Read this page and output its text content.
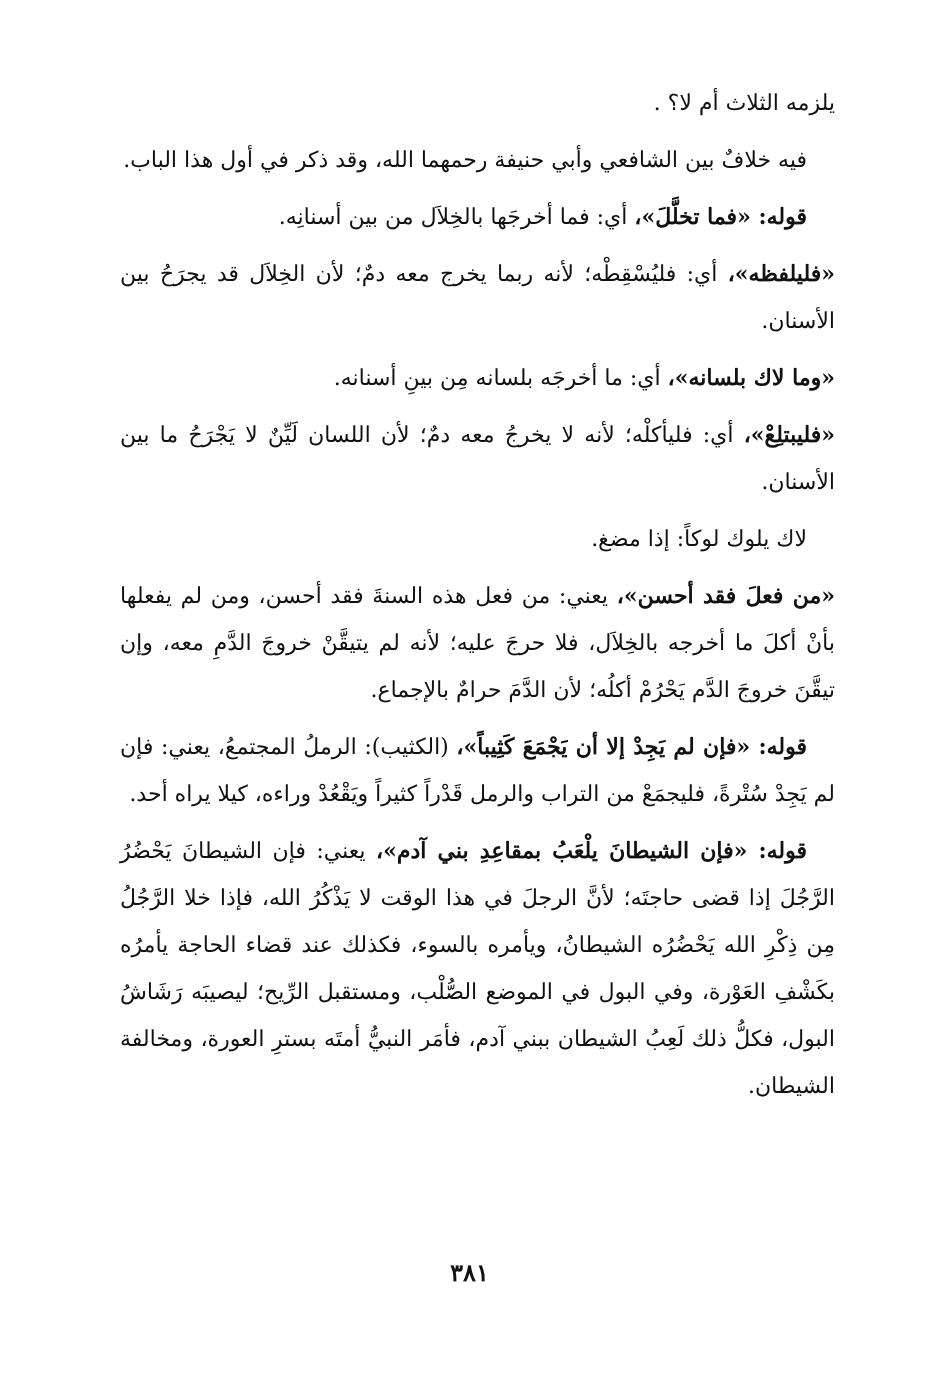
يلزمه الثلاث أم لا؟ .

فيه خلافٌ بين الشافعي وأبي حنيفة رحمهما الله، وقد ذكر في أول هذا الباب.

قوله: «فما تخلَّلَ»، أي: فما أخرجَها بالخِلاَل من بين أسنانِه.

«فليلفظه»، أي: فليُسْقِطْه؛ لأنه ربما يخرج معه دمٌ؛ لأن الخِلاَل قد يجرَحُ بين الأسنان.

«وما لاك بلسانه»، أي: ما أخرجَه بلسانه مِن بينِ أسنانه.

«فليبتلِعْ»، أي: فليأكلْه؛ لأنه لا يخرجُ معه دمٌ؛ لأن اللسان لَيِّنٌ لا يَجْرَحُ ما بين الأسنان.

لاك يلوك لوكاً: إذا مضغ.

«من فعلَ فقد أحسن»، يعني: من فعل هذه السنةَ فقد أحسن، ومن لم يفعلها بأنْ أكلَ ما أخرجه بالخِلاَل، فلا حرجَ عليه؛ لأنه لم يتيقَّنْ خروجَ الدَّمِ معه، وإن تيقَّنَ خروجَ الدَّم يَحْرُمْ أكلُه؛ لأن الدَّمَ حرامٌ بالإجماع.

قوله: «فإن لم يَجِدْ إلا أن يَجْمَعَ كَثِيباً»، (الكثيب): الرملُ المجتمعُ، يعني: فإن لم يَجِدْ سُتْرةً، فليجمَعْ من التراب والرمل قَدْراً كثيراً ويَقْعُدْ وراءه، كيلا يراه أحد.

قوله: «فإن الشيطانَ يلْعَبُ بمقاعِدِ بني آدم»، يعني: فإن الشيطانَ يَحْضُرُ الرَّجُلَ إذا قضى حاجتَه؛ لأنَّ الرجلَ في هذا الوقت لا يَذْكُرُ الله، فإذا خلا الرَّجُلُ مِن ذِكْرِ الله يَحْضُرُه الشيطانُ، ويأمره بالسوء، فكذلك عند قضاء الحاجة يأمرُه بكَشْفِ العَوْرة، وفي البول في الموضع الصُّلْب، ومستقبل الرِّيح؛ ليصيبَه رَشَاشُ البول، فكلُّ ذلك لَعِبُ الشيطان ببني آدم، فأمَر النبيُّ أمتَه بسترِ العورة، ومخالفة الشيطان.

٣٨١
